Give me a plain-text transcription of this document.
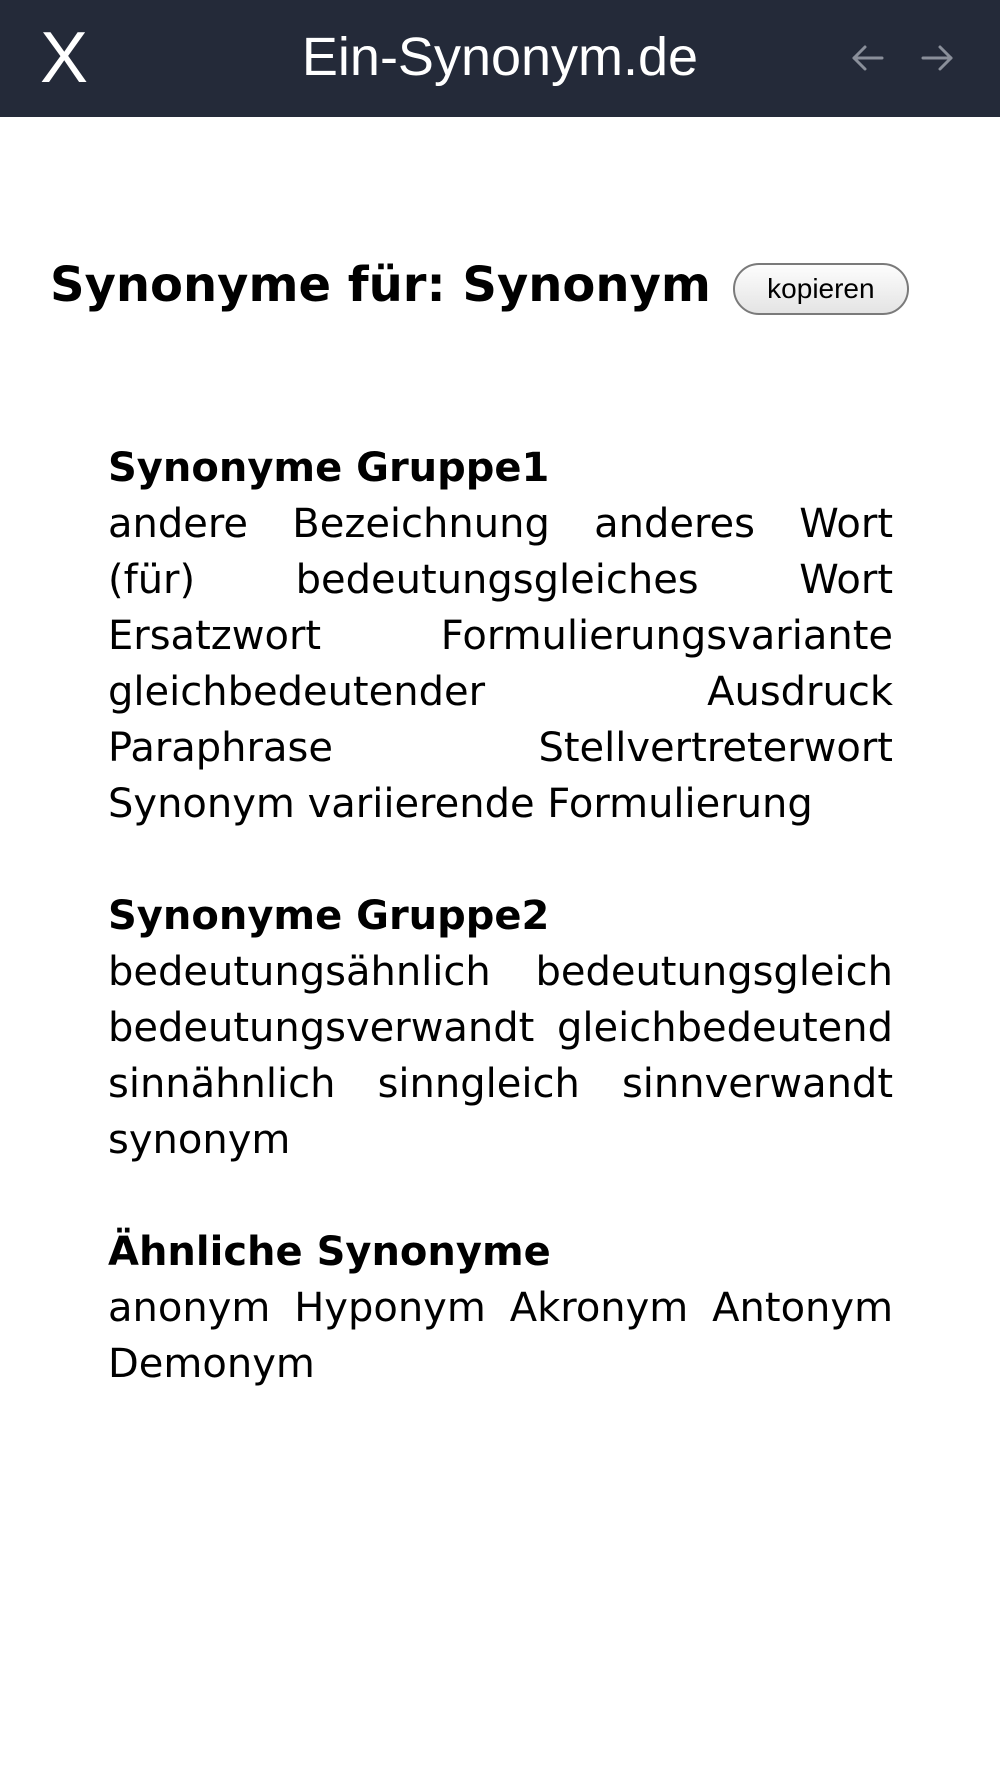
X	Ein-Synonym.de
Synonyme für: Synonym	kopieren
Synonyme Gruppe1
andere Bezeichnung anderes Wort (für)	bedeutungsgleiches Wort Ersatzwort	Formulierungsvariante gleichbedeutender Ausdruck Paraphrase	Stellvertreterwort Synonym variierende Formulierung
Synonyme Gruppe2
bedeutungsähnlich bedeutungsgleich bedeutungsverwandt gleichbedeutend sinnähnlich sinngleich sinnverwandt synonym
Ähnliche Synonyme
anonym Hyponym Akronym Antonym Demonym
